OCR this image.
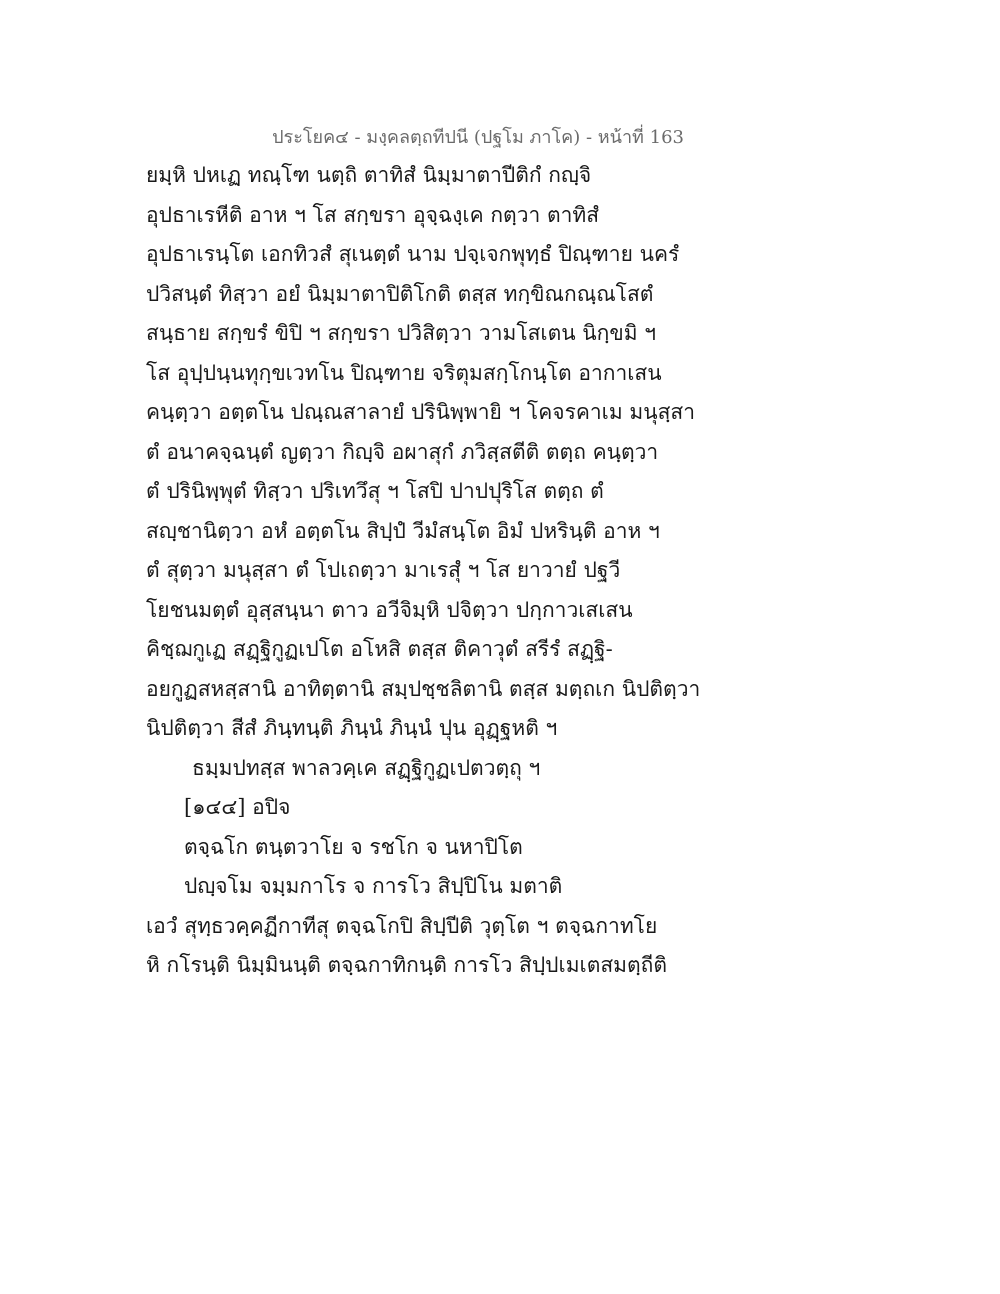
ประโยค๔ - มงฺคลตฺถทีปนี (ปฐโม ภาโค) - หน้าที่ 163
ยมฺหิ ปหเฏ ทณฺโฑ นตฺถิ ตาทิสํ นิมฺมาตาปีติกํ กญฺจิ
อุปธาเรหีติ อาห ฯ โส สกฺขรา อุจฺฉงฺเค กตฺวา ตาทิสํ
อุปธาเรนฺโต เอกทิวสํ สุเนตฺตํ นาม ปจฺเจกพุทฺธํ ปิณฺฑาย นครํ
ปวิสนฺตํ ทิสฺวา อยํ นิมฺมาตาปิติโกติ ตสฺส ทกฺขิณกณฺณโสตํ
สนฺธาย สกฺขรํ ขิปิ ฯ สกฺขรา ปวิสิตฺวา วามโสเตน นิกฺขมิ ฯ
โส อุปฺปนฺนทุกฺขเวทโน ปิณฺฑาย จริตุมสกฺโกนฺโต อากาเสน
คนฺตฺวา อตฺตโน ปณฺณสาลายํ ปรินิพฺพายิ ฯ โคจรคาเม มนุสฺสา
ตํ อนาคจฺฉนฺตํ ญตฺวา กิญฺจิ อผาสุกํ ภวิสฺสตีติ ตตฺถ คนฺตฺวา
ตํ ปรินิพฺพุตํ ทิสฺวา ปริเทวึสุ ฯ โสปิ ปาปปุริโส ตตฺถ ตํ
สญฺชานิตฺวา อหํ อตฺตโน สิปฺปํ วีมํสนฺโต อิมํ ปหรินฺติ อาห ฯ
ตํ สุตฺวา มนุสฺสา ตํ โปเถตฺวา มาเรสุํ ฯ โส ยาวายํ ปฐวี
โยชนมตฺตํ อุสฺสนฺนา ตาว อวีจิมฺหิ ปจิตฺวา ปกฺกาวเสเสน
คิชฺฌกูเฏ สฏฺฐิกูฏเปโต อโหสิ ตสฺส ติคาวุตํ สรีรํ สฏฺฐิ-
อยกูฏสหสฺสานิ อาทิตฺตานิ สมฺปชฺชลิตานิ ตสฺส มตฺถเก นิปติตฺวา
นิปติตฺวา สีสํ ภินฺทนฺติ ภินฺนํ ภินฺนํ ปุน อุฏฺฐหติ ฯ
ธมฺมปทสฺส พาลวคฺเค สฏฺฐิกูฏเปตวตฺถุ ฯ
[๑๔๔] อปิจ
ตจฺฉโก ตนฺตวาโย จ รชโก จ นหาปิโต
ปญฺจโม จมฺมกาโร จ การโว สิปฺปิโน มตาติ
เอวํ สุทฺธวคฺคฏีกาทีสุ ตจฺฉโกปิ สิปฺปีติ วุตฺโต ฯ ตจฺฉกาทโย
หิ กโรนฺติ นิมฺมินนฺติ ตจฺฉกาทิกนฺติ การโว สิปฺปเมเตสมตฺถีติ
